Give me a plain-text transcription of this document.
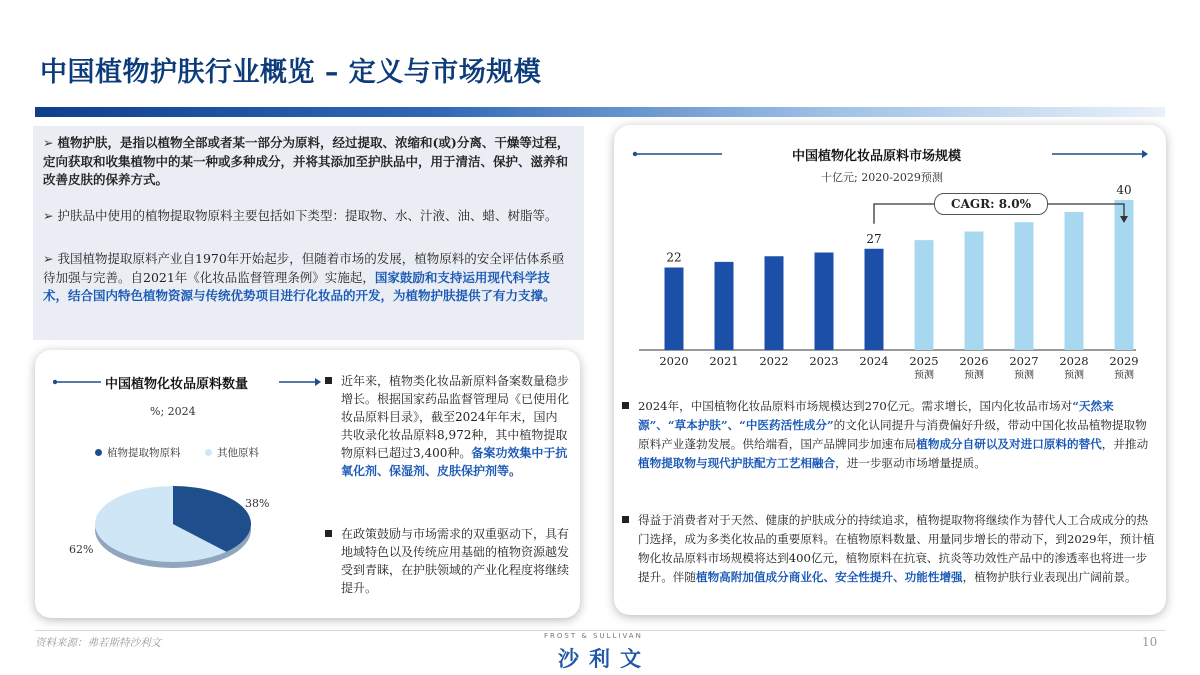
中国植物护肤行业概览 – 定义与市场规模

➢ 植物护肤，是指以植物全部或者某一部分为原料，经过提取、浓缩和(或)分离、干燥等过程，定向获取和收集植物中的某一种或多种成分，并将其添加至护肤品中，用于清洁、保护、滋养和改善皮肤的保养方式。

➢ 护肤品中使用的植物提取物原料主要包括如下类型：提取物、水、汁液、油、蜡、树脂等。

➢ 我国植物提取原料产业自1970年开始起步，但随着市场的发展，植物原料的安全评估体系亟待加强与完善。自2021年《化妆品监督管理条例》实施起，国家鼓励和支持运用现代科学技术，结合国内特色植物资源与传统优势项目进行化妆品的开发，为植物护肤提供了有力支撑。

中国植物化妆品原料数量
%; 2024
植物提取物原料	其他原料
38%
62%
近年来，植物类化妆品新原料备案数量稳步增长。根据国家药品监督管理局《已使用化妆品原料目录》，截至2024年年末，国内共收录化妆品原料8,972种，其中植物提取物原料已超过3,400种。备案功效集中于抗氧化剂、保湿剂、皮肤保护剂等。
在政策鼓励与市场需求的双重驱动下，具有地域特色以及传统应用基础的植物资源越发受到青睐，在护肤领域的产业化程度将继续提升。
中国植物化妆品原料市场规模
十亿元; 2020-2029预测
2020
22
2021 2022 2023 2024
27
2025
预测
2026
预测
2027
预测
2028
预测
2029
预测
40
CAGR: 8.0%
2024年，中国植物化妆品原料市场规模达到270亿元。需求增长，国内化妆品市场对“天然来源”、“草本护肤”、“中医药活性成分”的文化认同提升与消费偏好升级，带动中国化妆品植物提取物原料产业蓬勃发展。供给端看，国产品牌同步加速布局植物成分自研以及对进口原料的替代，并推动植物提取物与现代护肤配方工艺相融合，进一步驱动市场增量提质。
得益于消费者对于天然、健康的护肤成分的持续追求，植物提取物将继续作为替代人工合成成分的热门选择，成为多类化妆品的重要原料。在植物原料数量、用量同步增长的带动下，到2029年，预计植物化妆品原料市场规模将达到400亿元，植物原料在抗衰、抗炎等功效性产品中的渗透率也将进一步提升。伴随植物高附加值成分商业化、安全性提升、功能性增强，植物护肤行业表现出广阔前景。
资料来源：弗若斯特沙利文
FROST & SULLIVAN
沙利文
10
